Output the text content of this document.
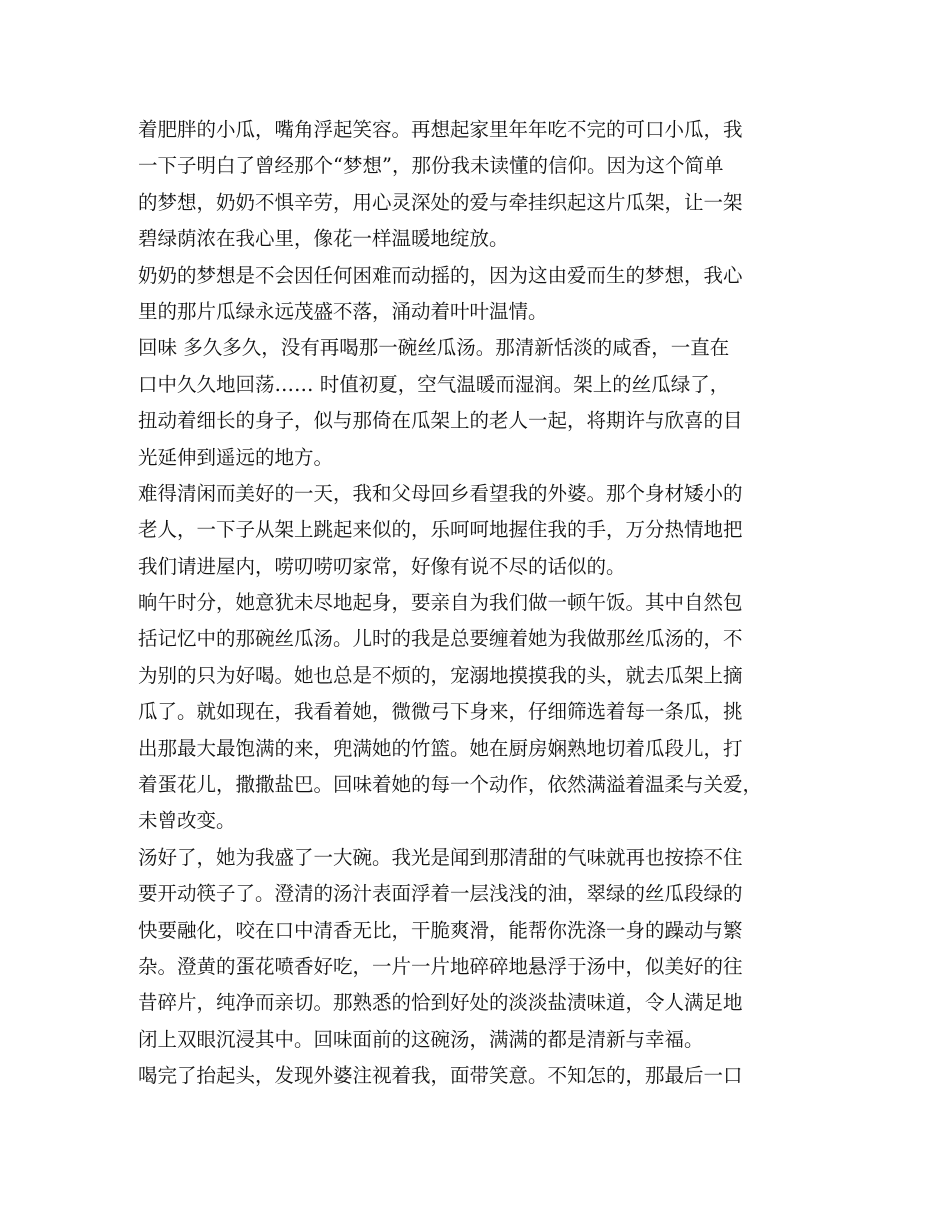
着肥胖的小瓜，嘴角浮起笑容。再想起家里年年吃不完的可口小瓜，我
一下子明白了曾经那个“梦想”，那份我未读懂的信仰。因为这个简单
的梦想，奶奶不惧辛劳，用心灵深处的爱与牵挂织起这片瓜架，让一架
碧绿荫浓在我心里，像花一样温暖地绽放。
奶奶的梦想是不会因任何困难而动摇的，因为这由爱而生的梦想，我心
里的那片瓜绿永远茂盛不落，涌动着叶叶温情。
回味 多久多久，没有再喝那一碗丝瓜汤。那清新恬淡的咸香，一直在
口中久久地回荡…… 时值初夏，空气温暖而湿润。架上的丝瓜绿了，
扭动着细长的身子，似与那倚在瓜架上的老人一起，将期许与欣喜的目
光延伸到遥远的地方。
难得清闲而美好的一天，我和父母回乡看望我的外婆。那个身材矮小的
老人，一下子从架上跳起来似的，乐呵呵地握住我的手，万分热情地把
我们请进屋内，唠叨唠叨家常，好像有说不尽的话似的。
晌午时分，她意犹未尽地起身，要亲自为我们做一顿午饭。其中自然包
括记忆中的那碗丝瓜汤。儿时的我是总要缠着她为我做那丝瓜汤的，不
为别的只为好喝。她也总是不烦的，宠溺地摸摸我的头，就去瓜架上摘
瓜了。就如现在，我看着她，微微弓下身来，仔细筛选着每一条瓜，挑
出那最大最饱满的来，兜满她的竹篮。她在厨房娴熟地切着瓜段儿，打
着蛋花儿，撒撒盐巴。回味着她的每一个动作，依然满溢着温柔与关爱，
未曾改变。
汤好了，她为我盛了一大碗。我光是闻到那清甜的气味就再也按捺不住
要开动筷子了。澄清的汤汁表面浮着一层浅浅的油，翠绿的丝瓜段绿的
快要融化，咬在口中清香无比，干脆爽滑，能帮你洗涤一身的躁动与繁
杂。澄黄的蛋花喷香好吃，一片一片地碎碎地悬浮于汤中，似美好的往
昔碎片，纯净而亲切。那熟悉的恰到好处的淡淡盐渍味道，令人满足地
闭上双眼沉浸其中。回味面前的这碗汤，满满的都是清新与幸福。
喝完了抬起头，发现外婆注视着我，面带笑意。不知怎的，那最后一口
